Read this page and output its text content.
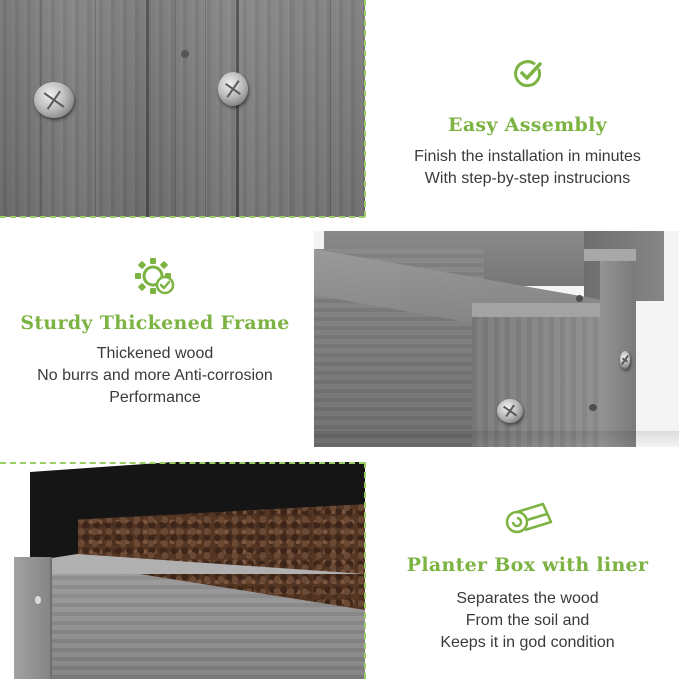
Easy Assembly
Finish the installation in minutes
With step-by-step instrucions
Sturdy Thickened Frame
Thickened wood
No burrs and more Anti-corrosion
Performance
Planter Box with liner
Separates the wood
From the soil and
Keeps it in god condition
